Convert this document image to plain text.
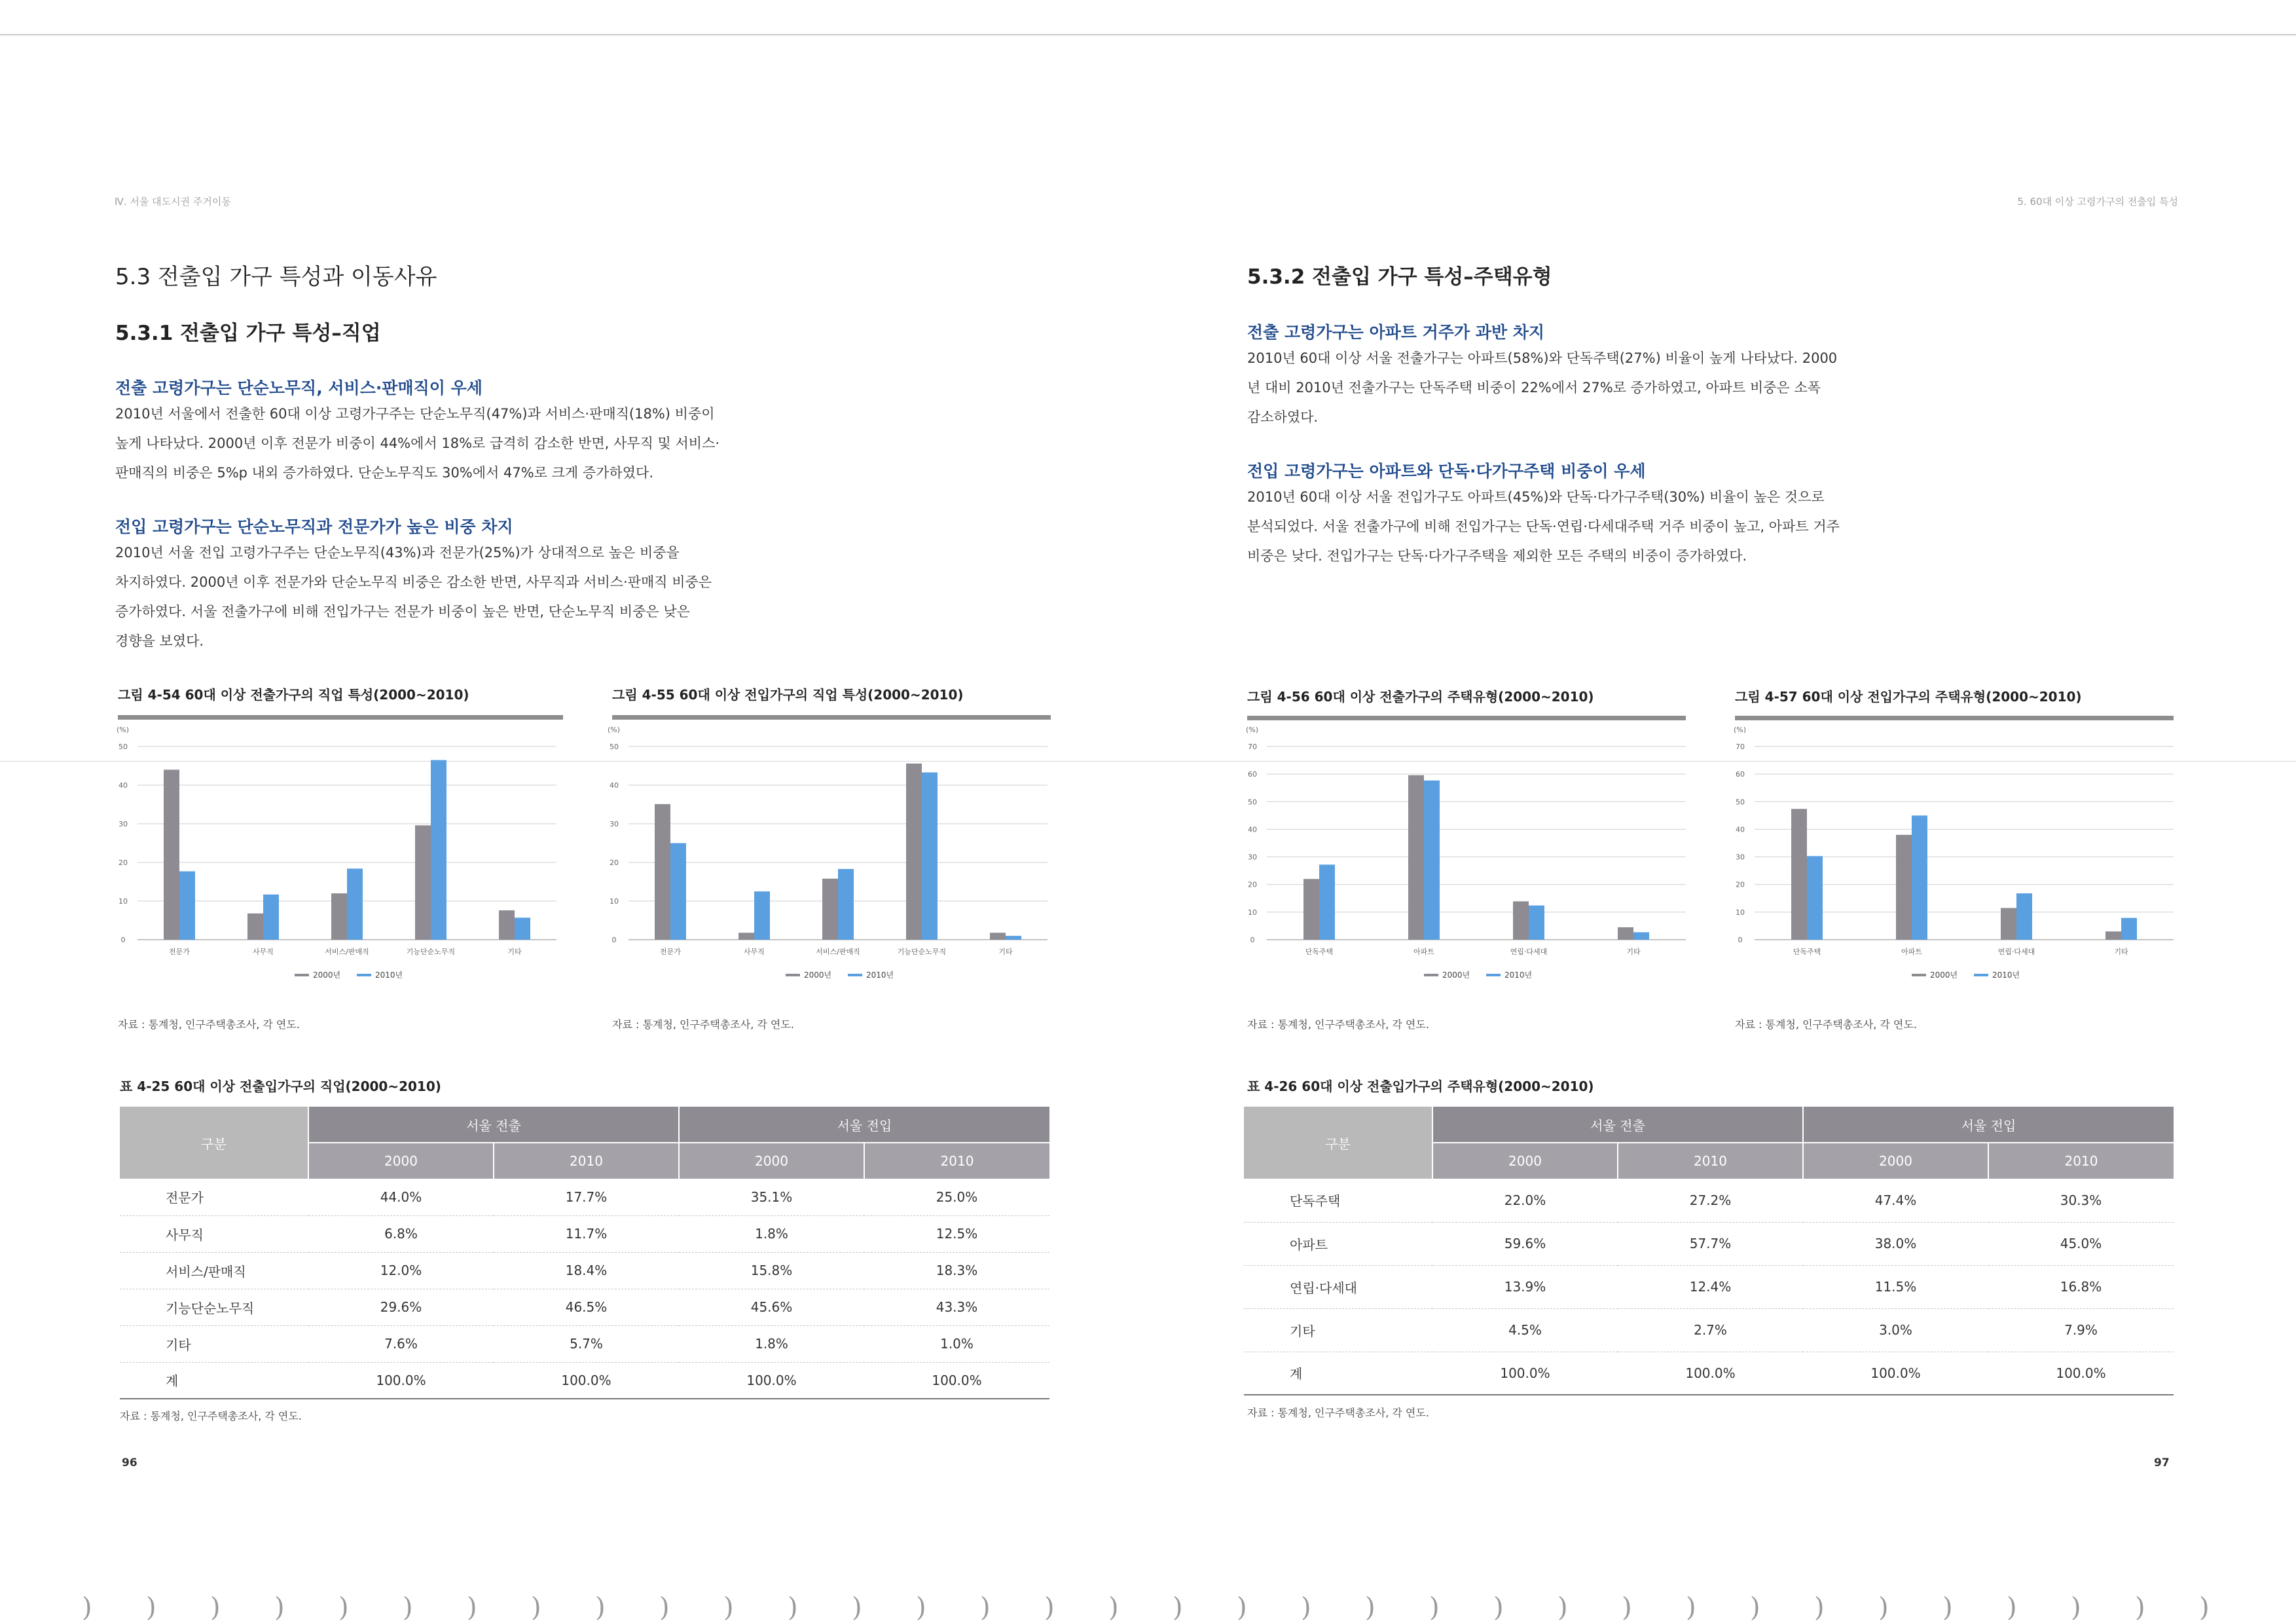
Ⅳ. 서울 대도시권 주거이동	5. 60대 이상 고령가구의 전출입 특성
5.3 전출입 가구 특성과 이동사유
5.3.1 전출입 가구 특성–직업
전출 고령가구는 단순노무직, 서비스·판매직이 우세
2010년 서울에서 전출한 60대 이상 고령가구주는 단순노무직(47%)과 서비스·판매직(18%) 비중이
높게 나타났다. 2000년 이후 전문가 비중이 44%에서 18%로 급격히 감소한 반면, 사무직 및 서비스·
판매직의 비중은 5%p 내외 증가하였다. 단순노무직도 30%에서 47%로 크게 증가하였다.
전입 고령가구는 단순노무직과 전문가가 높은 비중 차지
2010년 서울 전입 고령가구주는 단순노무직(43%)과 전문가(25%)가 상대적으로 높은 비중을
차지하였다. 2000년 이후 전문가와 단순노무직 비중은 감소한 반면, 사무직과 서비스·판매직 비중은
증가하였다. 서울 전출가구에 비해 전입가구는 전문가 비중이 높은 반면, 단순노무직 비중은 낮은
경향을 보였다.
그림 4-54 60대 이상 전출가구의 직업 특성(2000~2010)
(%)
0
10
20
30
40
50
전문가	사무직	서비스/판매직	기능단순노무직	기타
2000년	2010년
자료 : 통계청, 인구주택총조사, 각 연도.
그림 4-55 60대 이상 전입가구의 직업 특성(2000~2010)
(%)
0
10
20
30
40
50
전문가	사무직	서비스/판매직	기능단순노무직	기타
2000년	2010년
자료 : 통계청, 인구주택총조사, 각 연도.
표 4-25 60대 이상 전출입가구의 직업(2000~2010)
구분	서울 전출		서울 전입	
	2000	2010	2000	2010
전문가	44.0%	17.7%	35.1%	25.0%
사무직	6.8%	11.7%	1.8%	12.5%
서비스/판매직	12.0%	18.4%	15.8%	18.3%
기능단순노무직	29.6%	46.5%	45.6%	43.3%
기타	7.6%	5.7%	1.8%	1.0%
계	100.0%	100.0%	100.0%	100.0%
자료 : 통계청, 인구주택총조사, 각 연도.
96
5.3.2 전출입 가구 특성–주택유형
전출 고령가구는 아파트 거주가 과반 차지
2010년 60대 이상 서울 전출가구는 아파트(58%)와 단독주택(27%) 비율이 높게 나타났다. 2000
년 대비 2010년 전출가구는 단독주택 비중이 22%에서 27%로 증가하였고, 아파트 비중은 소폭
감소하였다.
전입 고령가구는 아파트와 단독·다가구주택 비중이 우세
2010년 60대 이상 서울 전입가구도 아파트(45%)와 단독·다가구주택(30%) 비율이 높은 것으로
분석되었다. 서울 전출가구에 비해 전입가구는 단독·연립·다세대주택 거주 비중이 높고, 아파트 거주
비중은 낮다. 전입가구는 단독·다가구주택을 제외한 모든 주택의 비중이 증가하였다.
그림 4-56 60대 이상 전출가구의 주택유형(2000~2010)
(%)
0
10
20
30
40
50
60
70
단독주택	아파트	연립·다세대	기타
2000년	2010년
자료 : 통계청, 인구주택총조사, 각 연도.
그림 4-57 60대 이상 전입가구의 주택유형(2000~2010)
(%)
0
10
20
30
40
50
60
70
단독주택	아파트	연립·다세대	기타
2000년	2010년
자료 : 통계청, 인구주택총조사, 각 연도.
표 4-26 60대 이상 전출입가구의 주택유형(2000~2010)
구분	서울 전출		서울 전입	
	2000	2010	2000	2010
단독주택	22.0%	27.2%	47.4%	30.3%
아파트	59.6%	57.7%	38.0%	45.0%
연립·다세대	13.9%	12.4%	11.5%	16.8%
기타	4.5%	2.7%	3.0%	7.9%
계	100.0%	100.0%	100.0%	100.0%
자료 : 통계청, 인구주택총조사, 각 연도.
97
) ) ) ) ) ) ) ) ) ) ) ) ) ) ) ) ) ) ) ) ) ) ) ) ) ) ) ) ) ) ) ) ) )
